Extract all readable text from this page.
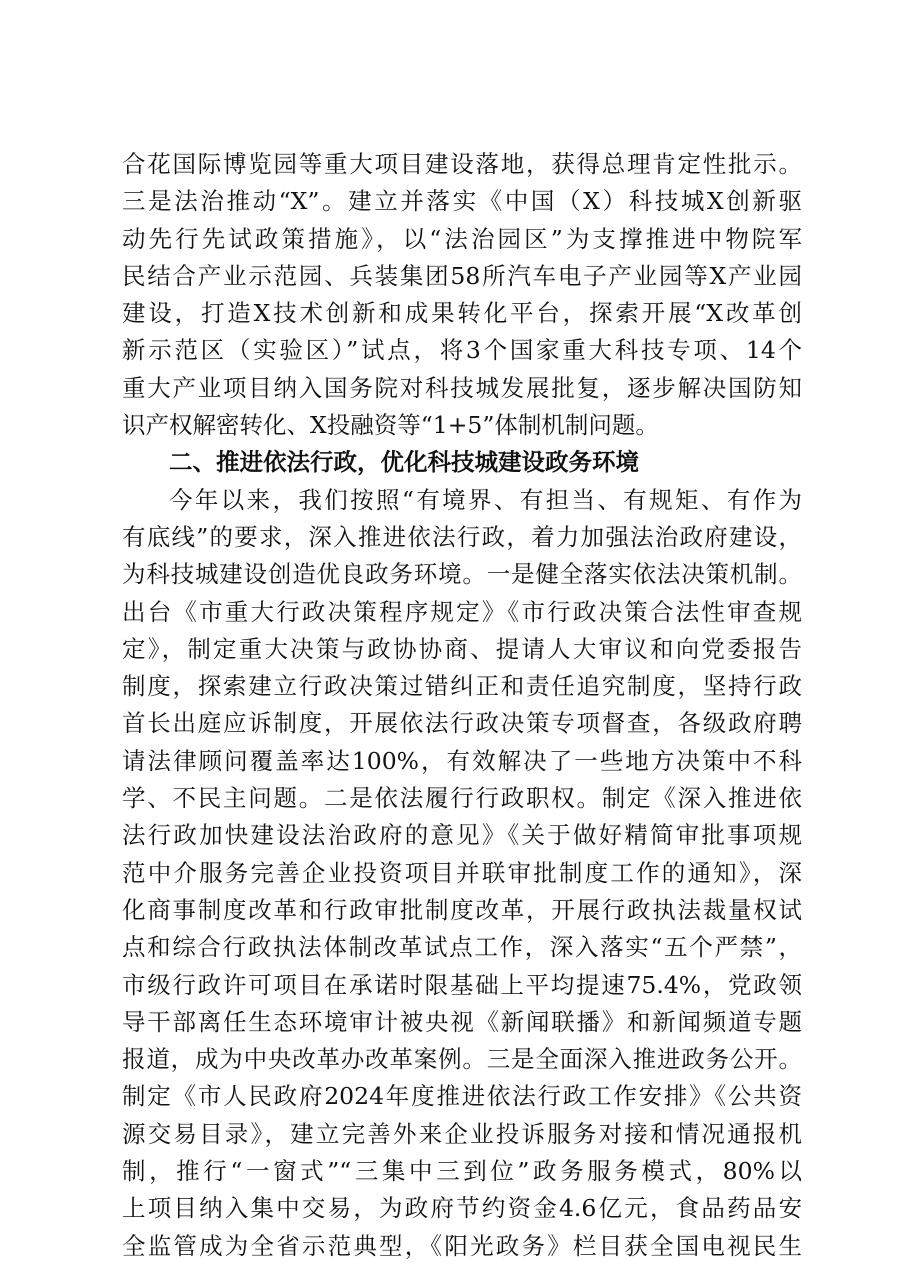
合花国际博览园等重大项目建设落地，获得总理肯定性批示。
三是法治推动“X”。建立并落实《中国（X）科技城X创新驱
动先行先试政策措施》，以“法治园区”为支撑推进中物院军
民结合产业示范园、兵装集团58所汽车电子产业园等X产业园
建设，打造X技术创新和成果转化平台，探索开展“X改革创
新示范区（实验区）”试点，将3个国家重大科技专项、14个
重大产业项目纳入国务院对科技城发展批复，逐步解决国防知
识产权解密转化、X投融资等“1+5”体制机制问题。
二、推进依法行政，优化科技城建设政务环境
今年以来，我们按照“有境界、有担当、有规矩、有作为
有底线”的要求，深入推进依法行政，着力加强法治政府建设，
为科技城建设创造优良政务环境。一是健全落实依法决策机制。
出台《市重大行政决策程序规定》《市行政决策合法性审查规
定》，制定重大决策与政协协商、提请人大审议和向党委报告
制度，探索建立行政决策过错纠正和责任追究制度，坚持行政
首长出庭应诉制度，开展依法行政决策专项督查，各级政府聘
请法律顾问覆盖率达100%，有效解决了一些地方决策中不科
学、不民主问题。二是依法履行行政职权。制定《深入推进依
法行政加快建设法治政府的意见》《关于做好精简审批事项规
范中介服务完善企业投资项目并联审批制度工作的通知》，深
化商事制度改革和行政审批制度改革，开展行政执法裁量权试
点和综合行政执法体制改革试点工作，深入落实“五个严禁”，
市级行政许可项目在承诺时限基础上平均提速75.4%，党政领
导干部离任生态环境审计被央视《新闻联播》和新闻频道专题
报道，成为中央改革办改革案例。三是全面深入推进政务公开。
制定《市人民政府2024年度推进依法行政工作安排》《公共资
源交易目录》，建立完善外来企业投诉服务对接和情况通报机
制，推行“一窗式”“三集中三到位”政务服务模式，80%以
上项目纳入集中交易，为政府节约资金4.6亿元，食品药品安
全监管成为全省示范典型，《阳光政务》栏目获全国电视民生
